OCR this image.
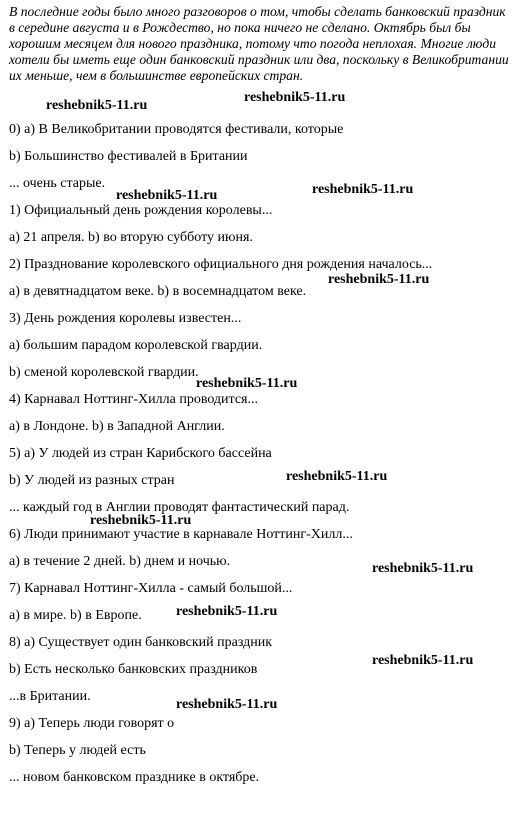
В последние годы было много разговоров о том, чтобы сделать банковский праздник в середине августа и в Рождество, но пока ничего не сделано. Октябрь был бы хорошим месяцем для нового праздника, потому что погода неплохая. Многие люди хотели бы иметь еще один банковский праздник или два, поскольку в Великобритании их меньше, чем в большинстве европейских стран.

0) a) В Великобритании проводятся фестивали, которые

b) Большинство фестивалей в Британии

... очень старые.

1) Официальный день рождения королевы...

a) 21 апреля. b) во вторую субботу июня.

2) Празднование королевского официального дня рождения началось...

a) в девятнадцатом веке. b) в восемнадцатом веке.

3) День рождения королевы известен...

a) большим парадом королевской гвардии.

b) сменой королевской гвардии.

4) Карнавал Ноттинг-Хилла проводится...

a) в Лондоне. b) в Западной Англии.

5) a) У людей из стран Карибского бассейна

b) У людей из разных стран

... каждый год в Англии проводят фантастический парад.

6) Люди принимают участие в карнавале Ноттинг-Хилл...

a) в течение 2 дней. b) днем и ночью.

7) Карнавал Ноттинг-Хилла - самый большой...

a) в мире. b) в Европе.

8) a) Существует один банковский праздник

b) Есть несколько банковских праздников

...в Британии.

9) a) Теперь люди говорят о

b) Теперь у людей есть

... новом банковском празднике в октябре.

reshebnik5-11.ru
reshebnik5-11.ru
reshebnik5-11.ru	reshebnik5-11.ru
reshebnik5-11.ru
reshebnik5-11.ru
reshebnik5-11.ru
reshebnik5-11.ru
reshebnik5-11.ru
reshebnik5-11.ru
reshebnik5-11.ru
reshebnik5-11.ru
